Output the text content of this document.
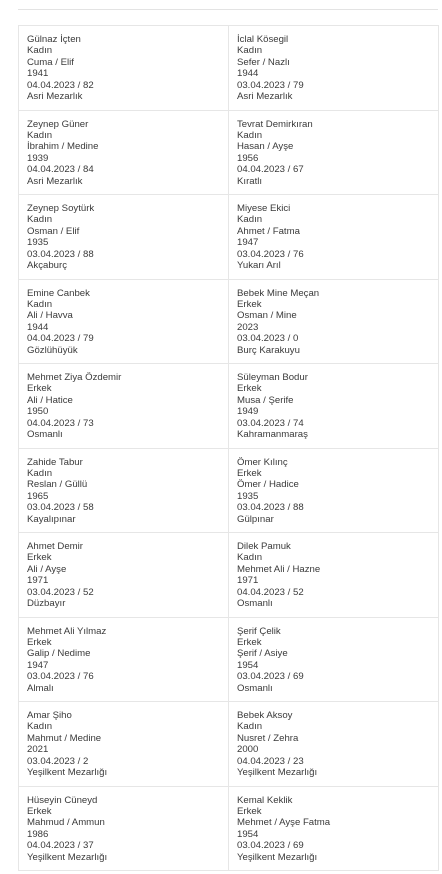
Gülnaz İçten
Kadın
Cuma / Elif
1941
04.04.2023 / 82
Asri Mezarlık
İclal Kösegil
Kadın
Sefer / Nazlı
1944
03.04.2023 / 79
Asri Mezarlık
Zeynep Güner
Kadın
İbrahim / Medine
1939
04.04.2023 / 84
Asri Mezarlık
Tevrat Demirkıran
Kadın
Hasan / Ayşe
1956
04.04.2023 / 67
Kıratlı
Zeynep Soytürk
Kadın
Osman / Elif
1935
03.04.2023 / 88
Akçaburç
Miyese Ekici
Kadın
Ahmet / Fatma
1947
03.04.2023 / 76
Yukarı Arıl
Emine Canbek
Kadın
Ali / Havva
1944
04.04.2023 / 79
Gözlühüyük
Bebek Mine Meçan
Erkek
Osman / Mine
2023
03.04.2023 / 0
Burç Karakuyu
Mehmet Ziya Özdemir
Erkek
Ali / Hatice
1950
04.04.2023 / 73
Osmanlı
Süleyman Bodur
Erkek
Musa / Şerife
1949
03.04.2023 / 74
Kahramanmaraş
Zahide Tabur
Kadın
Reslan / Güllü
1965
03.04.2023 / 58
Kayalıpınar
Ömer Kılınç
Erkek
Ömer / Hadice
1935
03.04.2023 / 88
Gülpınar
Ahmet Demir
Erkek
Ali / Ayşe
1971
03.04.2023 / 52
Düzbayır
Dilek Pamuk
Kadın
Mehmet Ali / Hazne
1971
04.04.2023 / 52
Osmanlı
Mehmet Ali Yılmaz
Erkek
Galip / Nedime
1947
03.04.2023 / 76
Almalı
Şerif Çelik
Erkek
Şerif / Asiye
1954
03.04.2023 / 69
Osmanlı
Amar Şiho
Kadın
Mahmut / Medine
2021
03.04.2023 / 2
Yeşilkent Mezarlığı
Bebek Aksoy
Kadın
Nusret / Zehra
2000
04.04.2023 / 23
Yeşilkent Mezarlığı
Hüseyin Cüneyd
Erkek
Mahmud / Ammun
1986
04.04.2023 / 37
Yeşilkent Mezarlığı
Kemal Keklik
Erkek
Mehmet / Ayşe Fatma
1954
03.04.2023 / 69
Yeşilkent Mezarlığı
